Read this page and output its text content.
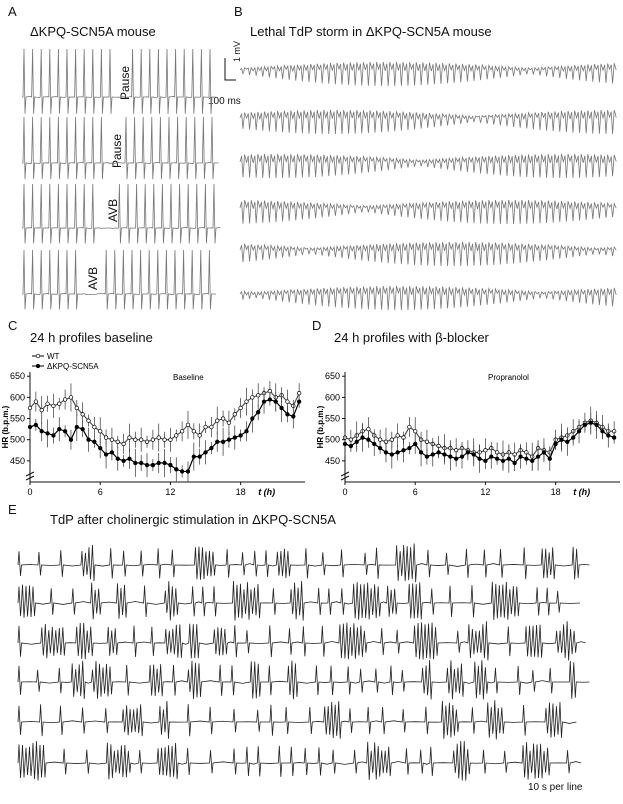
A
ΔKPQ-SCN5A mouse
B
Lethal TdP storm in ΔKPQ-SCN5A mouse
C
24 h profiles baseline
D
24 h profiles with β-blocker
E
TdP after cholinergic stimulation in ΔKPQ-SCN5A
10 s per line
Pause
Pause
AVB
AVB
1 mV
100 ms
450
500
550
600
650
0	6	12	18 t (h)
HR (b.p.m.)
Baseline
WT
ΔKPQ-SCN5A
450
500
550
600
650
0	6	12	18 t (h)
HR (b.p.m.)
Propranolol
